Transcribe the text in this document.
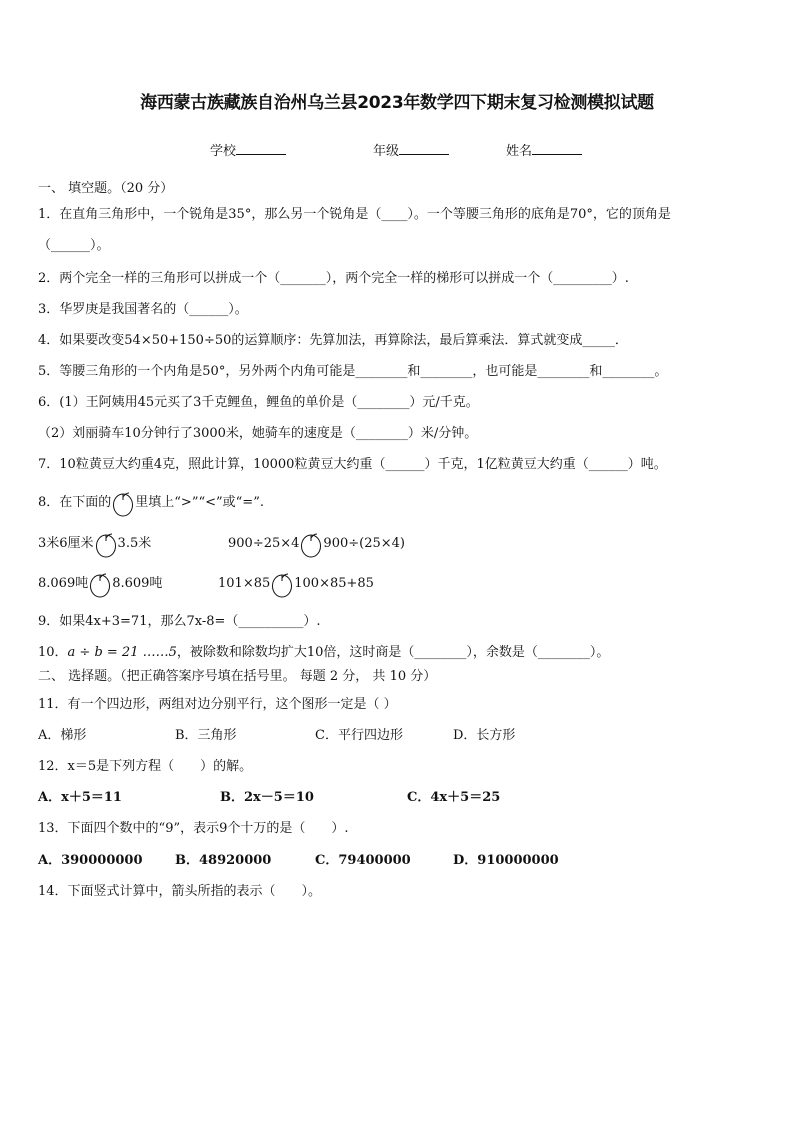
海西蒙古族藏族自治州乌兰县2023年数学四下期末复习检测模拟试题
学校	年级	姓名
一、 填空题。（20 分）
1．在直角三角形中，一个锐角是35°，那么另一个锐角是（____）。一个等腰三角形的底角是70°，它的顶角是
（______）。
2．两个完全一样的三角形可以拼成一个（_______），两个完全一样的梯形可以拼成一个（_________）.
3．华罗庚是我国著名的（______）。
4．如果要改变54×50+150÷50的运算顺序：先算加法，再算除法，最后算乘法．算式就变成_____．
5．等腰三角形的一个内角是50°，另外两个内角可能是________和________，也可能是________和________。
6．(1）王阿姨用45元买了3千克鲤鱼，鲤鱼的单价是（________）元/千克。
（2）刘丽骑车10分钟行了3000米，她骑车的速度是（________）米/分钟。
7．10粒黄豆大约重4克，照此计算，10000粒黄豆大约重（______）千克，1亿粒黄豆大约重（______）吨。
8．在下面的 里填上“>”“<”或“=”.
3米6厘米 3.5米	900÷25×4 900÷(25×4)
8.069吨 8.609吨	101×85 100×85+85
9．如果4x+3=71，那么7x-8=（__________）.
10．a ÷ b = 21 ……5，被除数和除数均扩大10倍，这时商是（________），余数是（________）。
二、 选择题。（把正确答案序号填在括号里。 每题 2 分， 共 10 分）
11．有一个四边形，两组对边分别平行，这个图形一定是（ ）
A．梯形	B．三角形	C．平行四边形	D．长方形
12．x＝5是下列方程（　　）的解。
A．x＋5＝11	B．2x－5＝10	C．4x＋5＝25
13．下面四个数中的“9”，表示9个十万的是（　　）.
A．390000000	B．48920000	C．79400000	D．910000000
14．下面竖式计算中，箭头所指的表示（　　）。
